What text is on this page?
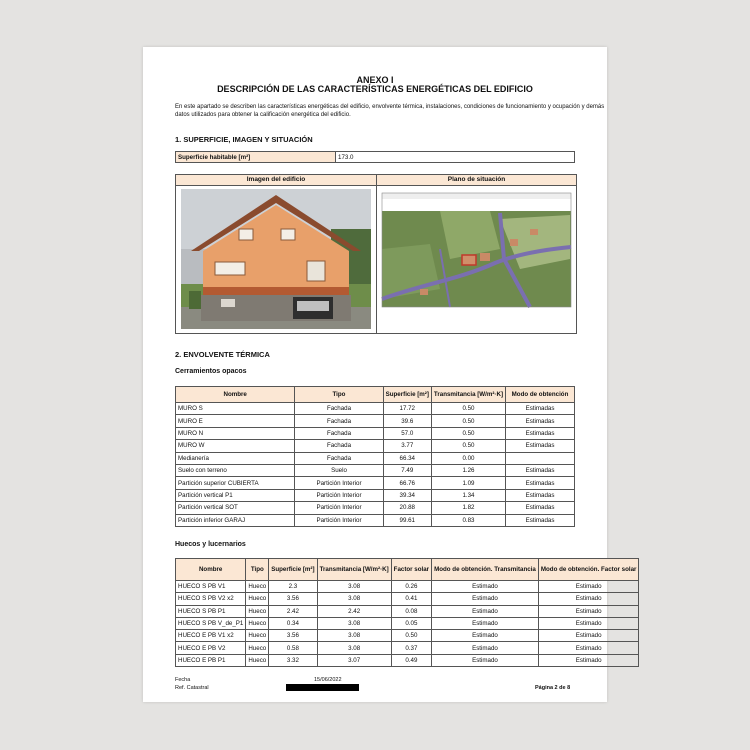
ANEXO I
DESCRIPCIÓN DE LAS CARACTERÍSTICAS ENERGÉTICAS DEL EDIFICIO
En este apartado se describen las características energéticas del edificio, envolvente térmica, instalaciones, condiciones de funcionamiento y ocupación y demás datos utilizados para obtener la calificación energética del edificio.
1. SUPERFICIE, IMAGEN Y SITUACIÓN
Superficie habitable [m²]	173.0
Imagen del edificio	Plano de situación
2. ENVOLVENTE TÉRMICA
Cerramientos opacos
Nombre	Tipo	Superficie [m²]	Transmitancia [W/m²·K]	Modo de obtención
MURO S	Fachada	17.72	0.50	Estimadas
MURO E	Fachada	39.6	0.50	Estimadas
MURO N	Fachada	57.0	0.50	Estimadas
MURO W	Fachada	3.77	0.50	Estimadas
Medianería	Fachada	66.34	0.00	
Suelo con terreno	Suelo	7.49	1.26	Estimadas
Partición superior CUBIERTA	Partición Interior	66.76	1.09	Estimadas
Partición vertical P1	Partición Interior	39.34	1.34	Estimadas
Partición vertical SOT	Partición Interior	20.88	1.82	Estimadas
Partición inferior GARAJ	Partición Interior	99.61	0.83	Estimadas
Huecos y lucernarios
Nombre	Tipo	Superficie [m²]	Transmitancia [W/m²·K]	Factor solar	Modo de obtención. Transmitancia	Modo de obtención. Factor solar
HUECO S PB V1	Hueco	2.3	3.08	0.26	Estimado	Estimado
HUECO S PB V2 x2	Hueco	3.56	3.08	0.41	Estimado	Estimado
HUECO S PB P1	Hueco	2.42	2.42	0.08	Estimado	Estimado
HUECO S PB V_de_P1	Hueco	0.34	3.08	0.05	Estimado	Estimado
HUECO E PB V1 x2	Hueco	3.56	3.08	0.50	Estimado	Estimado
HUECO E PB V2	Hueco	0.58	3.08	0.37	Estimado	Estimado
HUECO E PB P1	Hueco	3.32	3.07	0.49	Estimado	Estimado
Fecha	15/06/2022
Ref. Catastral	Página 2 de 8
